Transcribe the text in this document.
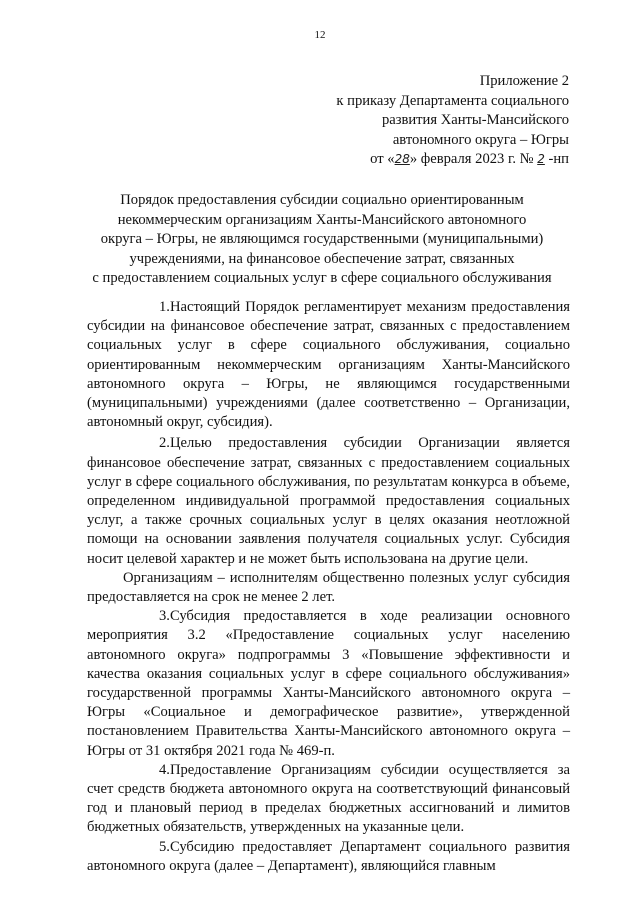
12
Приложение 2
к приказу Департамента социального
развития Ханты-Мансийского
автономного округа – Югры
от «28» февраля 2023 г. № 2 -нп
Порядок предоставления субсидии социально ориентированным
некоммерческим организациям Ханты-Мансийского автономного
округа – Югры, не являющимся государственными (муниципальными)
учреждениями, на финансовое обеспечение затрат, связанных
с предоставлением социальных услуг в сфере социального обслуживания

1.Настоящий Порядок регламентирует механизм предоставления субсидии на финансовое обеспечение затрат, связанных с предоставлением социальных услуг в сфере социального обслуживания, социально ориентированным некоммерческим организациям Ханты-Мансийского автономного округа – Югры, не являющимся государственными (муниципальными) учреждениями (далее соответственно – Организации, автономный округ, субсидия).

2.Целью предоставления субсидии Организации является финансовое обеспечение затрат, связанных с предоставлением социальных услуг в сфере социального обслуживания, по результатам конкурса в объеме, определенном индивидуальной программой предоставления социальных услуг, а также срочных социальных услуг в целях оказания неотложной помощи на основании заявления получателя социальных услуг. Субсидия носит целевой характер и не может быть использована на другие цели.

Организациям – исполнителям общественно полезных услуг субсидия предоставляется на срок не менее 2 лет.

3.Субсидия предоставляется в ходе реализации основного мероприятия 3.2 «Предоставление социальных услуг населению автономного округа» подпрограммы 3 «Повышение эффективности и качества оказания социальных услуг в сфере социального обслуживания» государственной программы Ханты-Мансийского автономного округа – Югры «Социальное и демографическое развитие», утвержденной постановлением Правительства Ханты-Мансийского автономного округа – Югры от 31 октября 2021 года № 469-п.

4.Предоставление Организациям субсидии осуществляется за счет средств бюджета автономного округа на соответствующий финансовый год и плановый период в пределах бюджетных ассигнований и лимитов бюджетных обязательств, утвержденных на указанные цели.

5.Субсидию предоставляет Департамент социального развития автономного округа (далее – Департамент), являющийся главным
